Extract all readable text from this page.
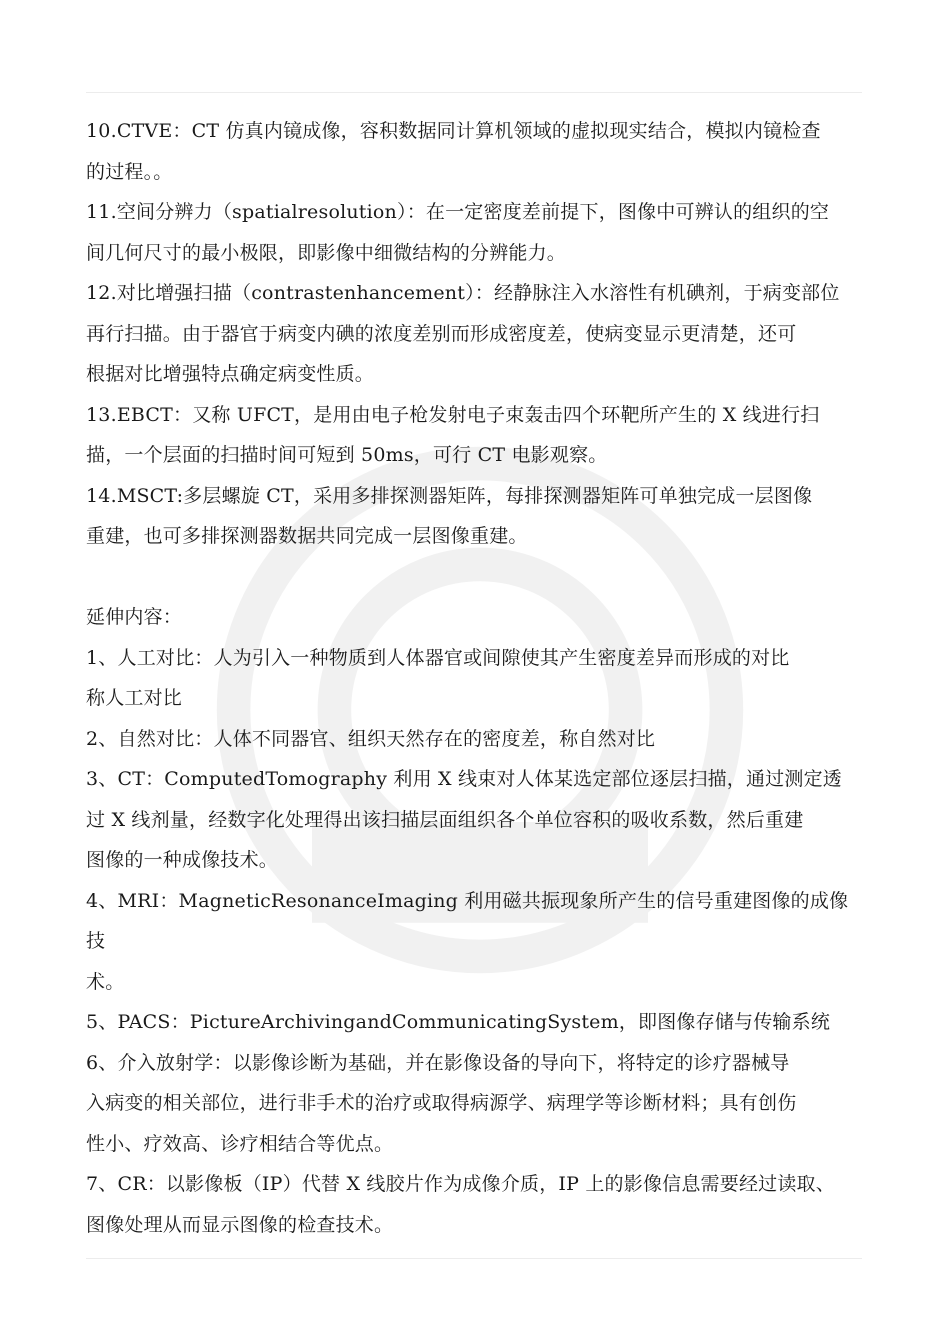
10.CTVE：CT 仿真内镜成像，容积数据同计算机领域的虚拟现实结合，模拟内镜检查
的过程。。

11.空间分辨力（spatialresolution）：在一定密度差前提下，图像中可辨认的组织的空
间几何尺寸的最小极限，即影像中细微结构的分辨能力。

12.对比增强扫描（contrastenhancement）：经静脉注入水溶性有机碘剂，于病变部位
再行扫描。由于器官于病变内碘的浓度差别而形成密度差，使病变显示更清楚，还可
根据对比增强特点确定病变性质。

13.EBCT：又称 UFCT，是用由电子枪发射电子束轰击四个环靶所产生的 X 线进行扫
描，一个层面的扫描时间可短到 50ms，可行 CT 电影观察。

14.MSCT:多层螺旋 CT，采用多排探测器矩阵，每排探测器矩阵可单独完成一层图像
重建，也可多排探测器数据共同完成一层图像重建。

延伸内容：

1、人工对比：人为引入一种物质到人体器官或间隙使其产生密度差异而形成的对比
称人工对比

2、自然对比：人体不同器官、组织天然存在的密度差，称自然对比

3、CT：ComputedTomography 利用 X 线束对人体某选定部位逐层扫描，通过测定透
过 X 线剂量，经数字化处理得出该扫描层面组织各个单位容积的吸收系数，然后重建
图像的一种成像技术。

4、MRI：MagneticResonanceImaging 利用磁共振现象所产生的信号重建图像的成像技
术。

5、PACS：PictureArchivingandCommunicatingSystem，即图像存储与传输系统

6、介入放射学：以影像诊断为基础，并在影像设备的导向下，将特定的诊疗器械导
入病变的相关部位，进行非手术的治疗或取得病源学、病理学等诊断材料；具有创伤
性小、疗效高、诊疗相结合等优点。

7、CR：以影像板（IP）代替 X 线胶片作为成像介质，IP 上的影像信息需要经过读取、
图像处理从而显示图像的检查技术。
